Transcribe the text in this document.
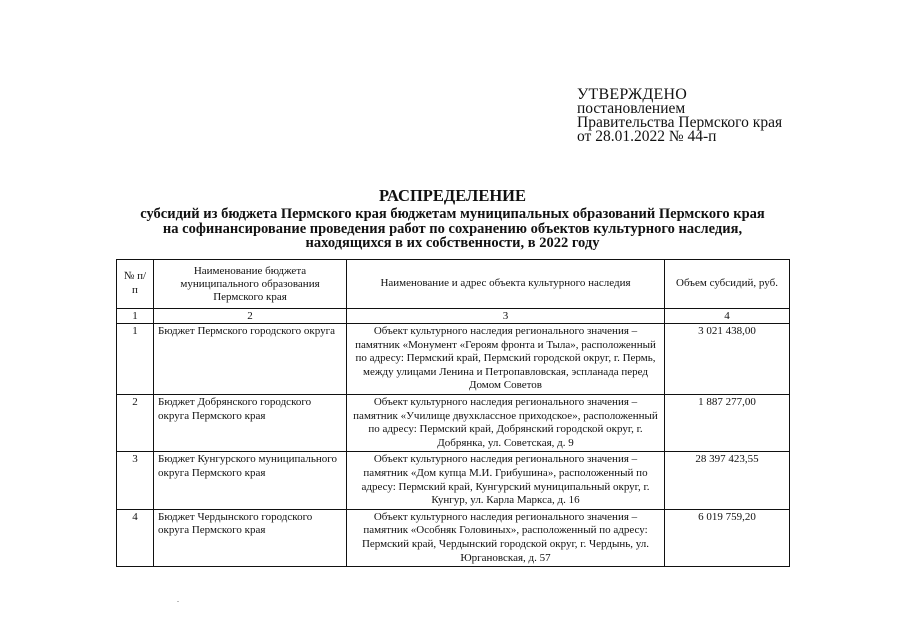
УТВЕРЖДЕНО
постановлением
Правительства Пермского края
от 28.01.2022 № 44-п
РАСПРЕДЕЛЕНИЕ
субсидий из бюджета Пермского края бюджетам муниципальных образований Пермского края
на софинансирование проведения работ по сохранению объектов культурного наследия,
находящихся в их собственности, в 2022 году
№ п/п	Наименование бюджета муниципального образования Пермского края	Наименование и адрес объекта культурного наследия	Объем субсидий, руб.
1	2	3	4
1	Бюджет Пермского городского округа	Объект культурного наследия регионального значения – памятник «Монумент «Героям фронта и Тыла», расположенный по адресу: Пермский край, Пермский городской округ, г. Пермь, между улицами Ленина и Петропавловская, эспланада перед Домом Советов	3 021 438,00
2	Бюджет Добрянского городского округа Пермского края	Объект культурного наследия регионального значения – памятник «Училище двухклассное приходское», расположенный по адресу: Пермский край, Добрянский городской округ, г. Добрянка, ул. Советская, д. 9	1 887 277,00
3	Бюджет Кунгурского муниципального округа Пермского края	Объект культурного наследия регионального значения – памятник «Дом купца М.И. Грибушина», расположенный по адресу: Пермский край, Кунгурский муниципальный округ, г. Кунгур, ул. Карла Маркса, д. 16	28 397 423,55
4	Бюджет Чердынского городского округа Пермского края	Объект культурного наследия регионального значения – памятник «Особняк Головиных», расположенный по адресу: Пермский край, Чердынский городской округ, г. Чердынь, ул. Юргановская, д. 57	6 019 759,20
